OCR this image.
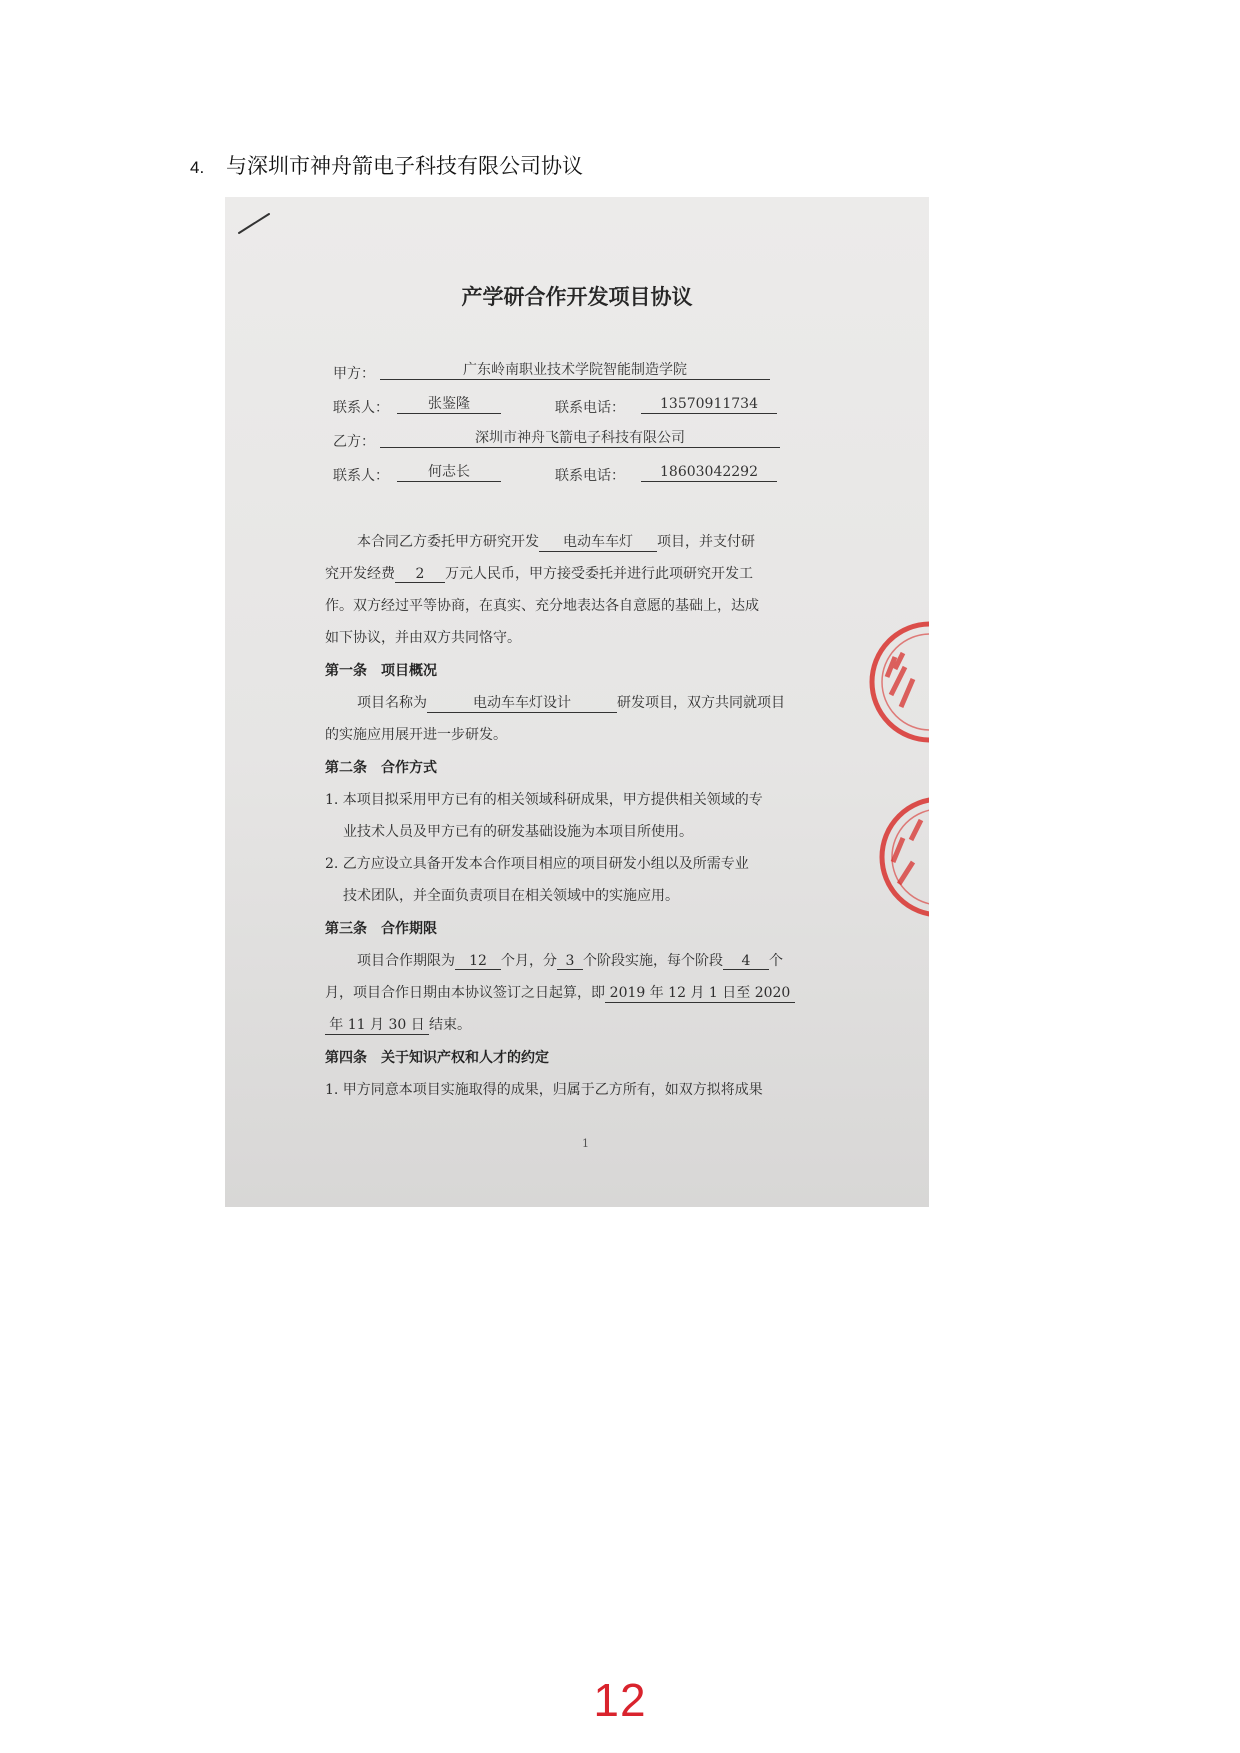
4.	与深圳市神舟箭电子科技有限公司协议
产学研合作开发项目协议
甲方：	广东岭南职业技术学院智能制造学院
联系人：	张鉴隆	联系电话：	13570911734
乙方：	深圳市神舟飞箭电子科技有限公司
联系人：	何志长	联系电话：	18603042292
本合同乙方委托甲方研究开发 电动车车灯 项目，并支付研
究开发经费 2 万元人民币，甲方接受委托并进行此项研究开发工
作。双方经过平等协商，在真实、充分地表达各自意愿的基础上，达成
如下协议，并由双方共同恪守。
第一条　项目概况
项目名称为	电动车车灯设计	研发项目，双方共同就项目
的实施应用展开进一步研发。
第二条　合作方式
1. 本项目拟采用甲方已有的相关领域科研成果，甲方提供相关领域的专
业技术人员及甲方已有的研发基础设施为本项目所使用。
2. 乙方应设立具备开发本合作项目相应的项目研发小组以及所需专业
技术团队，并全面负责项目在相关领域中的实施应用。
第三条　合作期限
项目合作期限为 12 个月，分 3 个阶段实施，每个阶段 4 个
月，项目合作日期由本协议签订之日起算，即 2019 年 12 月 1 日至 2020
年 11 月 30 日 结束。
第四条　关于知识产权和人才的约定
1. 甲方同意本项目实施取得的成果，归属于乙方所有，如双方拟将成果
1
12
